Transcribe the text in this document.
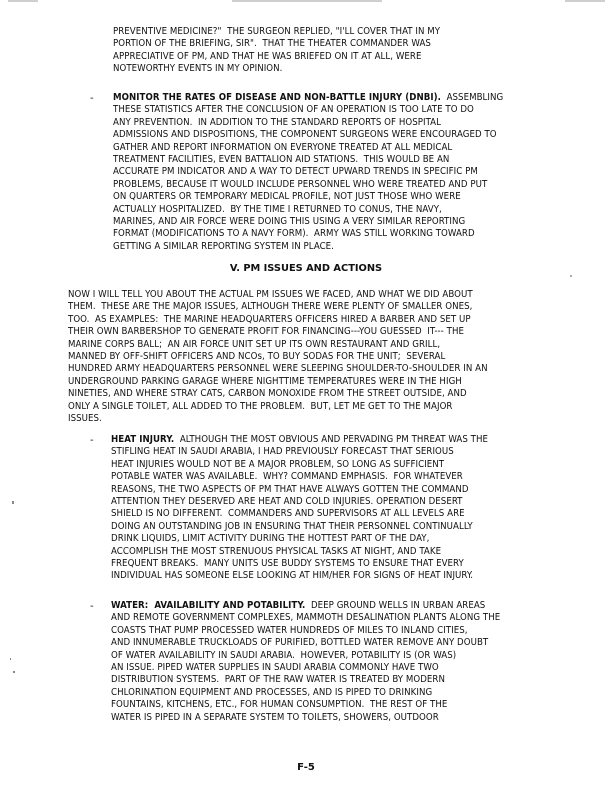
PREVENTIVE MEDICINE?"  THE SURGEON REPLIED, "I'LL COVER THAT IN MY
PORTION OF THE BRIEFING, SIR".  THAT THE THEATER COMMANDER WAS
APPRECIATIVE OF PM, AND THAT HE WAS BRIEFED ON IT AT ALL, WERE
NOTEWORTHY EVENTS IN MY OPINION.
- MONITOR THE RATES OF DISEASE AND NON-BATTLE INJURY (DNBI).  ASSEMBLING
THESE STATISTICS AFTER THE CONCLUSION OF AN OPERATION IS TOO LATE TO DO
ANY PREVENTION.  IN ADDITION TO THE STANDARD REPORTS OF HOSPITAL
ADMISSIONS AND DISPOSITIONS, THE COMPONENT SURGEONS WERE ENCOURAGED TO
GATHER AND REPORT INFORMATION ON EVERYONE TREATED AT ALL MEDICAL
TREATMENT FACILITIES, EVEN BATTALION AID STATIONS.  THIS WOULD BE AN
ACCURATE PM INDICATOR AND A WAY TO DETECT UPWARD TRENDS IN SPECIFIC PM
PROBLEMS, BECAUSE IT WOULD INCLUDE PERSONNEL WHO WERE TREATED AND PUT
ON QUARTERS OR TEMPORARY MEDICAL PROFILE, NOT JUST THOSE WHO WERE
ACTUALLY HOSPITALIZED.  BY THE TIME I RETURNED TO CONUS, THE NAVY,
MARINES, AND AIR FORCE WERE DOING THIS USING A VERY SIMILAR REPORTING
FORMAT (MODIFICATIONS TO A NAVY FORM).  ARMY WAS STILL WORKING TOWARD
GETTING A SIMILAR REPORTING SYSTEM IN PLACE.
V. PM ISSUES AND ACTIONS
NOW I WILL TELL YOU ABOUT THE ACTUAL PM ISSUES WE FACED, AND WHAT WE DID ABOUT
THEM.  THESE ARE THE MAJOR ISSUES, ALTHOUGH THERE WERE PLENTY OF SMALLER ONES,
TOO.  AS EXAMPLES:  THE MARINE HEADQUARTERS OFFICERS HIRED A BARBER AND SET UP
THEIR OWN BARBERSHOP TO GENERATE PROFIT FOR FINANCING---YOU GUESSED  IT--- THE
MARINE CORPS BALL;  AN AIR FORCE UNIT SET UP ITS OWN RESTAURANT AND GRILL,
MANNED BY OFF-SHIFT OFFICERS AND NCOs, TO BUY SODAS FOR THE UNIT;  SEVERAL
HUNDRED ARMY HEADQUARTERS PERSONNEL WERE SLEEPING SHOULDER-TO-SHOULDER IN AN
UNDERGROUND PARKING GARAGE WHERE NIGHTTIME TEMPERATURES WERE IN THE HIGH
NINETIES, AND WHERE STRAY CATS, CARBON MONOXIDE FROM THE STREET OUTSIDE, AND
ONLY A SINGLE TOILET, ALL ADDED TO THE PROBLEM.  BUT, LET ME GET TO THE MAJOR
ISSUES.
- HEAT INJURY.  ALTHOUGH THE MOST OBVIOUS AND PERVADING PM THREAT WAS THE
STIFLING HEAT IN SAUDI ARABIA, I HAD PREVIOUSLY FORECAST THAT SERIOUS
HEAT INJURIES WOULD NOT BE A MAJOR PROBLEM, SO LONG AS SUFFICIENT
POTABLE WATER WAS AVAILABLE.  WHY? COMMAND EMPHASIS.  FOR WHATEVER
REASONS, THE TWO ASPECTS OF PM THAT HAVE ALWAYS GOTTEN THE COMMAND
ATTENTION THEY DESERVED ARE HEAT AND COLD INJURIES. OPERATION DESERT
SHIELD IS NO DIFFERENT.  COMMANDERS AND SUPERVISORS AT ALL LEVELS ARE
DOING AN OUTSTANDING JOB IN ENSURING THAT THEIR PERSONNEL CONTINUALLY
DRINK LIQUIDS, LIMIT ACTIVITY DURING THE HOTTEST PART OF THE DAY,
ACCOMPLISH THE MOST STRENUOUS PHYSICAL TASKS AT NIGHT, AND TAKE
FREQUENT BREAKS.  MANY UNITS USE BUDDY SYSTEMS TO ENSURE THAT EVERY
INDIVIDUAL HAS SOMEONE ELSE LOOKING AT HIM/HER FOR SIGNS OF HEAT INJURY.
- WATER:  AVAILABILITY AND POTABILITY.  DEEP GROUND WELLS IN URBAN AREAS
AND REMOTE GOVERNMENT COMPLEXES, MAMMOTH DESALINATION PLANTS ALONG THE
COASTS THAT PUMP PROCESSED WATER HUNDREDS OF MILES TO INLAND CITIES,
AND INNUMERABLE TRUCKLOADS OF PURIFIED, BOTTLED WATER REMOVE ANY DOUBT
OF WATER AVAILABILITY IN SAUDI ARABIA.  HOWEVER, POTABILITY IS (OR WAS)
AN ISSUE. PIPED WATER SUPPLIES IN SAUDI ARABIA COMMONLY HAVE TWO
DISTRIBUTION SYSTEMS.  PART OF THE RAW WATER IS TREATED BY MODERN
CHLORINATION EQUIPMENT AND PROCESSES, AND IS PIPED TO DRINKING
FOUNTAINS, KITCHENS, ETC., FOR HUMAN CONSUMPTION.  THE REST OF THE
WATER IS PIPED IN A SEPARATE SYSTEM TO TOILETS, SHOWERS, OUTDOOR
F-5
